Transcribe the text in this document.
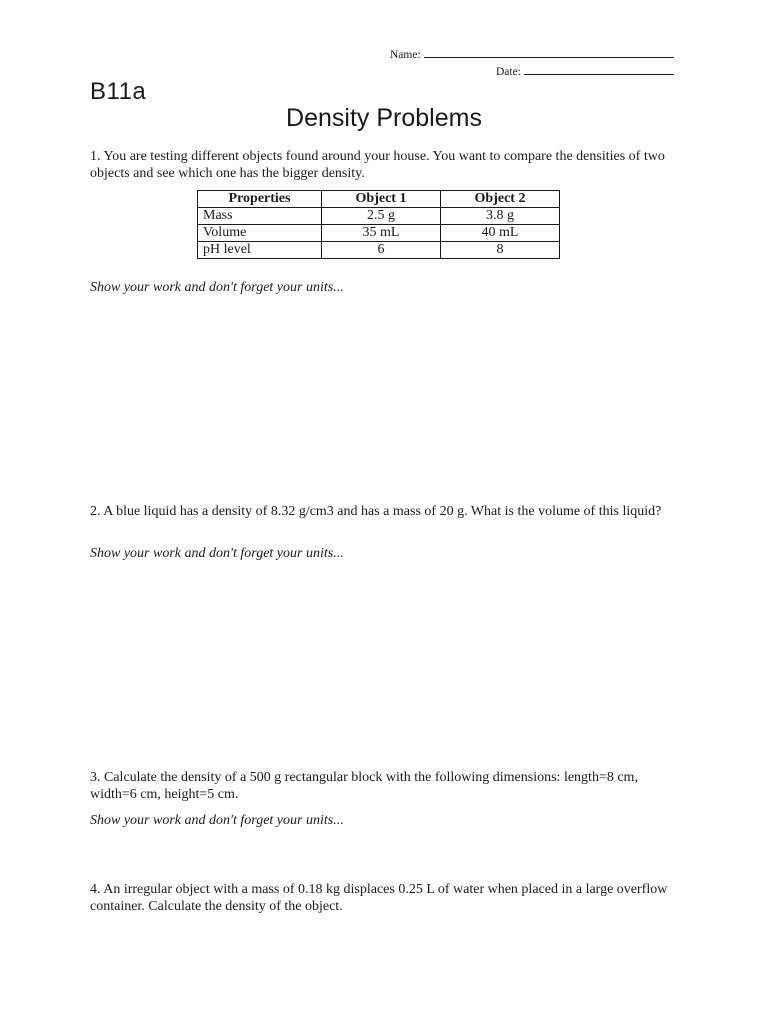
Name:
Date:
B11a
Density Problems
1. You are testing different objects found around your house. You want to compare the densities of two objects and see which one has the bigger density.
Properties	Object 1	Object 2
Mass	2.5 g	3.8 g
Volume	35 mL	40 mL
pH level	6	8
Show your work and don't forget your units...
2. A blue liquid has a density of 8.32 g/cm3 and has a mass of 20 g. What is the volume of this liquid?
Show your work and don't forget your units...
3. Calculate the density of a 500 g rectangular block with the following dimensions: length=8 cm, width=6 cm, height=5 cm.
Show your work and don't forget your units...
4. An irregular object with a mass of 0.18 kg displaces 0.25 L of water when placed in a large overflow container. Calculate the density of the object.
